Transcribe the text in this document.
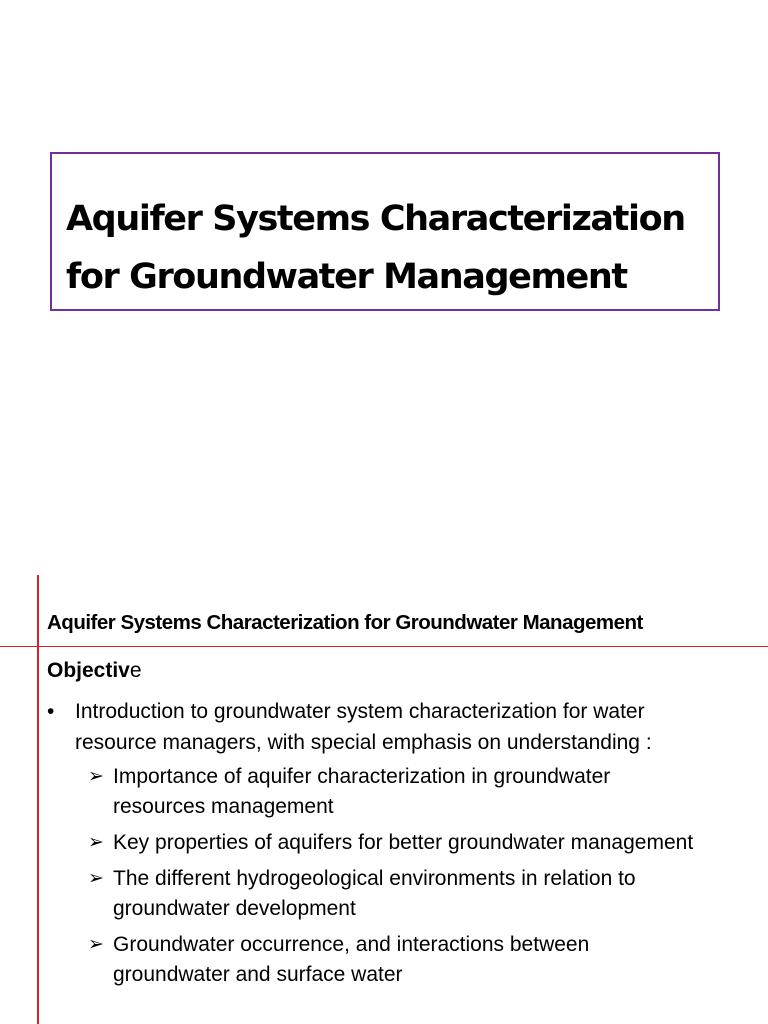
Aquifer Systems Characterization
for Groundwater Management
Aquifer Systems Characterization for Groundwater Management
Objective
• Introduction to groundwater system characterization for water
resource managers, with special emphasis on understanding :
➢ Importance of aquifer characterization in groundwater
resources management
➢ Key properties of aquifers for better groundwater management
➢ The different hydrogeological environments in relation to
groundwater development
➢ Groundwater occurrence, and interactions between
groundwater and surface water
